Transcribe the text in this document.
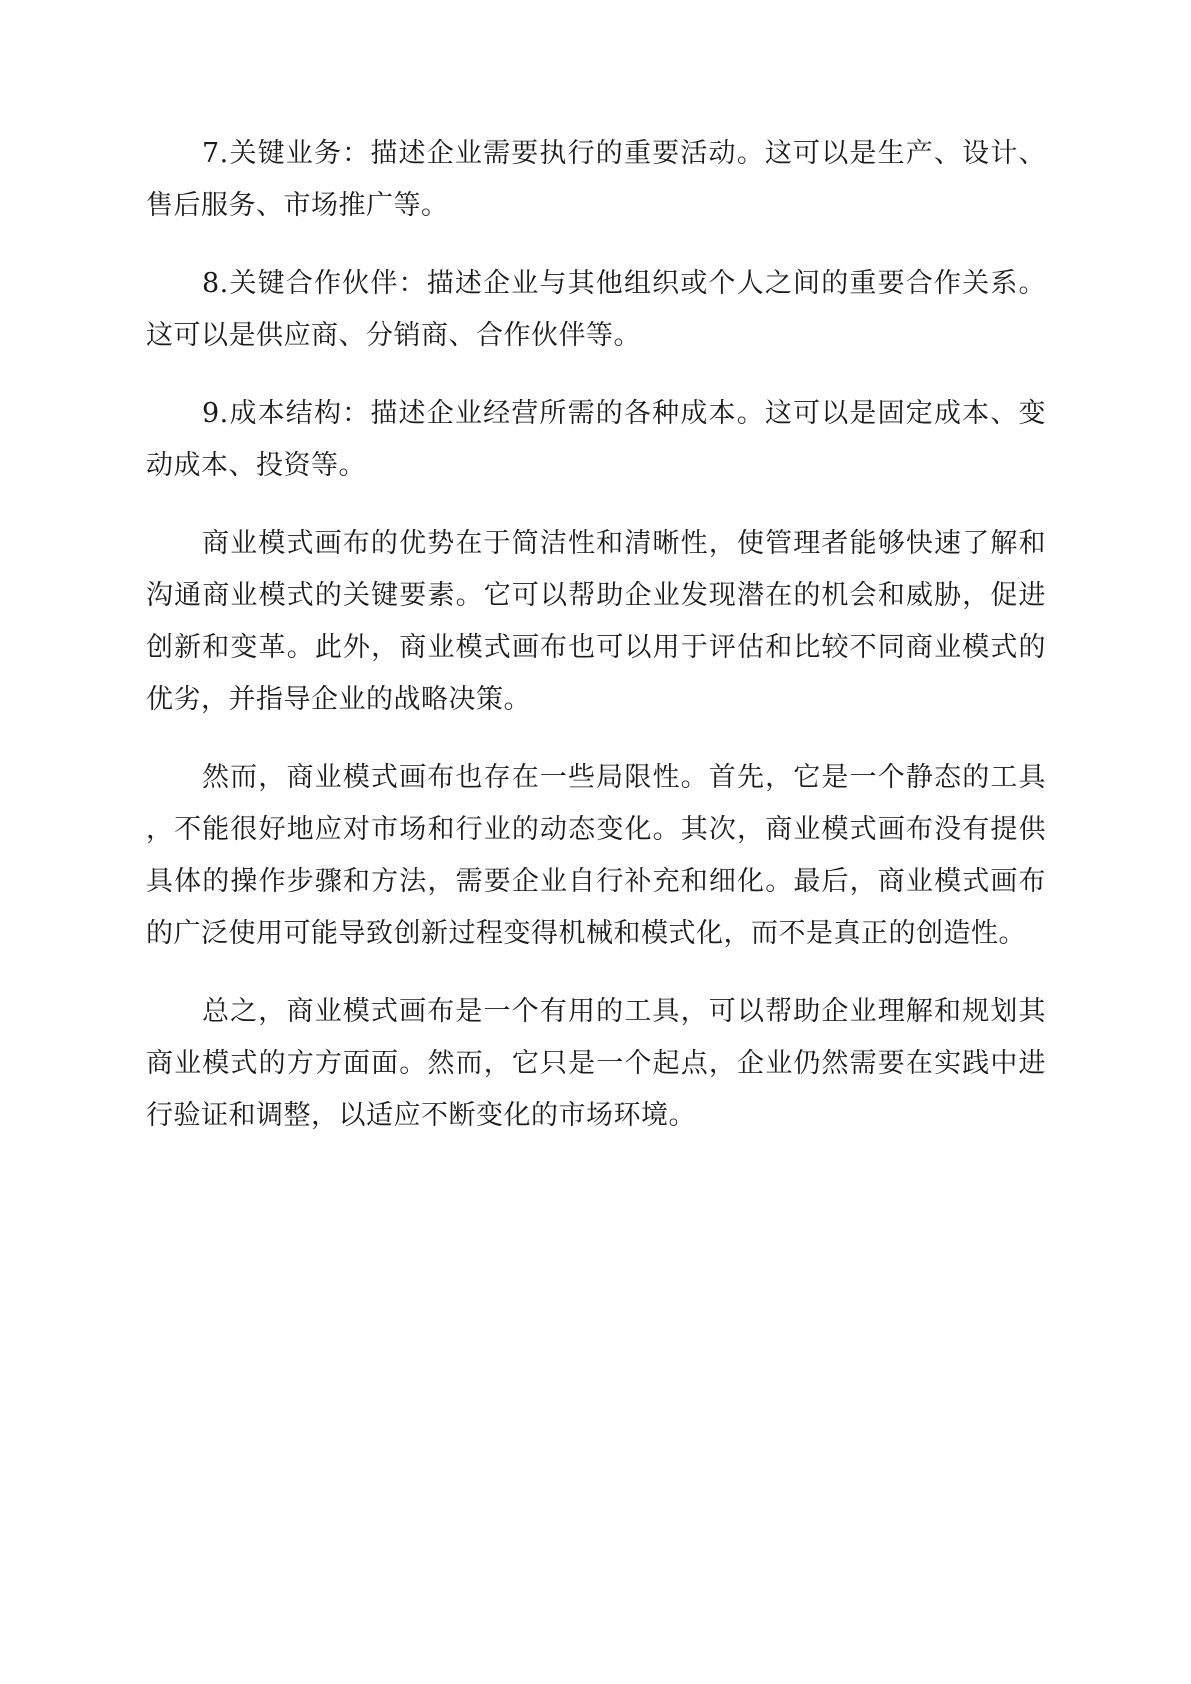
7.关键业务：描述企业需要执行的重要活动。这可以是生产、设计、售后服务、市场推广等。

8.关键合作伙伴：描述企业与其他组织或个人之间的重要合作关系。这可以是供应商、分销商、合作伙伴等。

9.成本结构：描述企业经营所需的各种成本。这可以是固定成本、变动成本、投资等。

商业模式画布的优势在于简洁性和清晰性，使管理者能够快速了解和沟通商业模式的关键要素。它可以帮助企业发现潜在的机会和威胁，促进创新和变革。此外，商业模式画布也可以用于评估和比较不同商业模式的优劣，并指导企业的战略决策。

然而，商业模式画布也存在一些局限性。首先，它是一个静态的工具，不能很好地应对市场和行业的动态变化。其次，商业模式画布没有提供具体的操作步骤和方法，需要企业自行补充和细化。最后，商业模式画布的广泛使用可能导致创新过程变得机械和模式化，而不是真正的创造性。

总之，商业模式画布是一个有用的工具，可以帮助企业理解和规划其商业模式的方方面面。然而，它只是一个起点，企业仍然需要在实践中进行验证和调整，以适应不断变化的市场环境。
